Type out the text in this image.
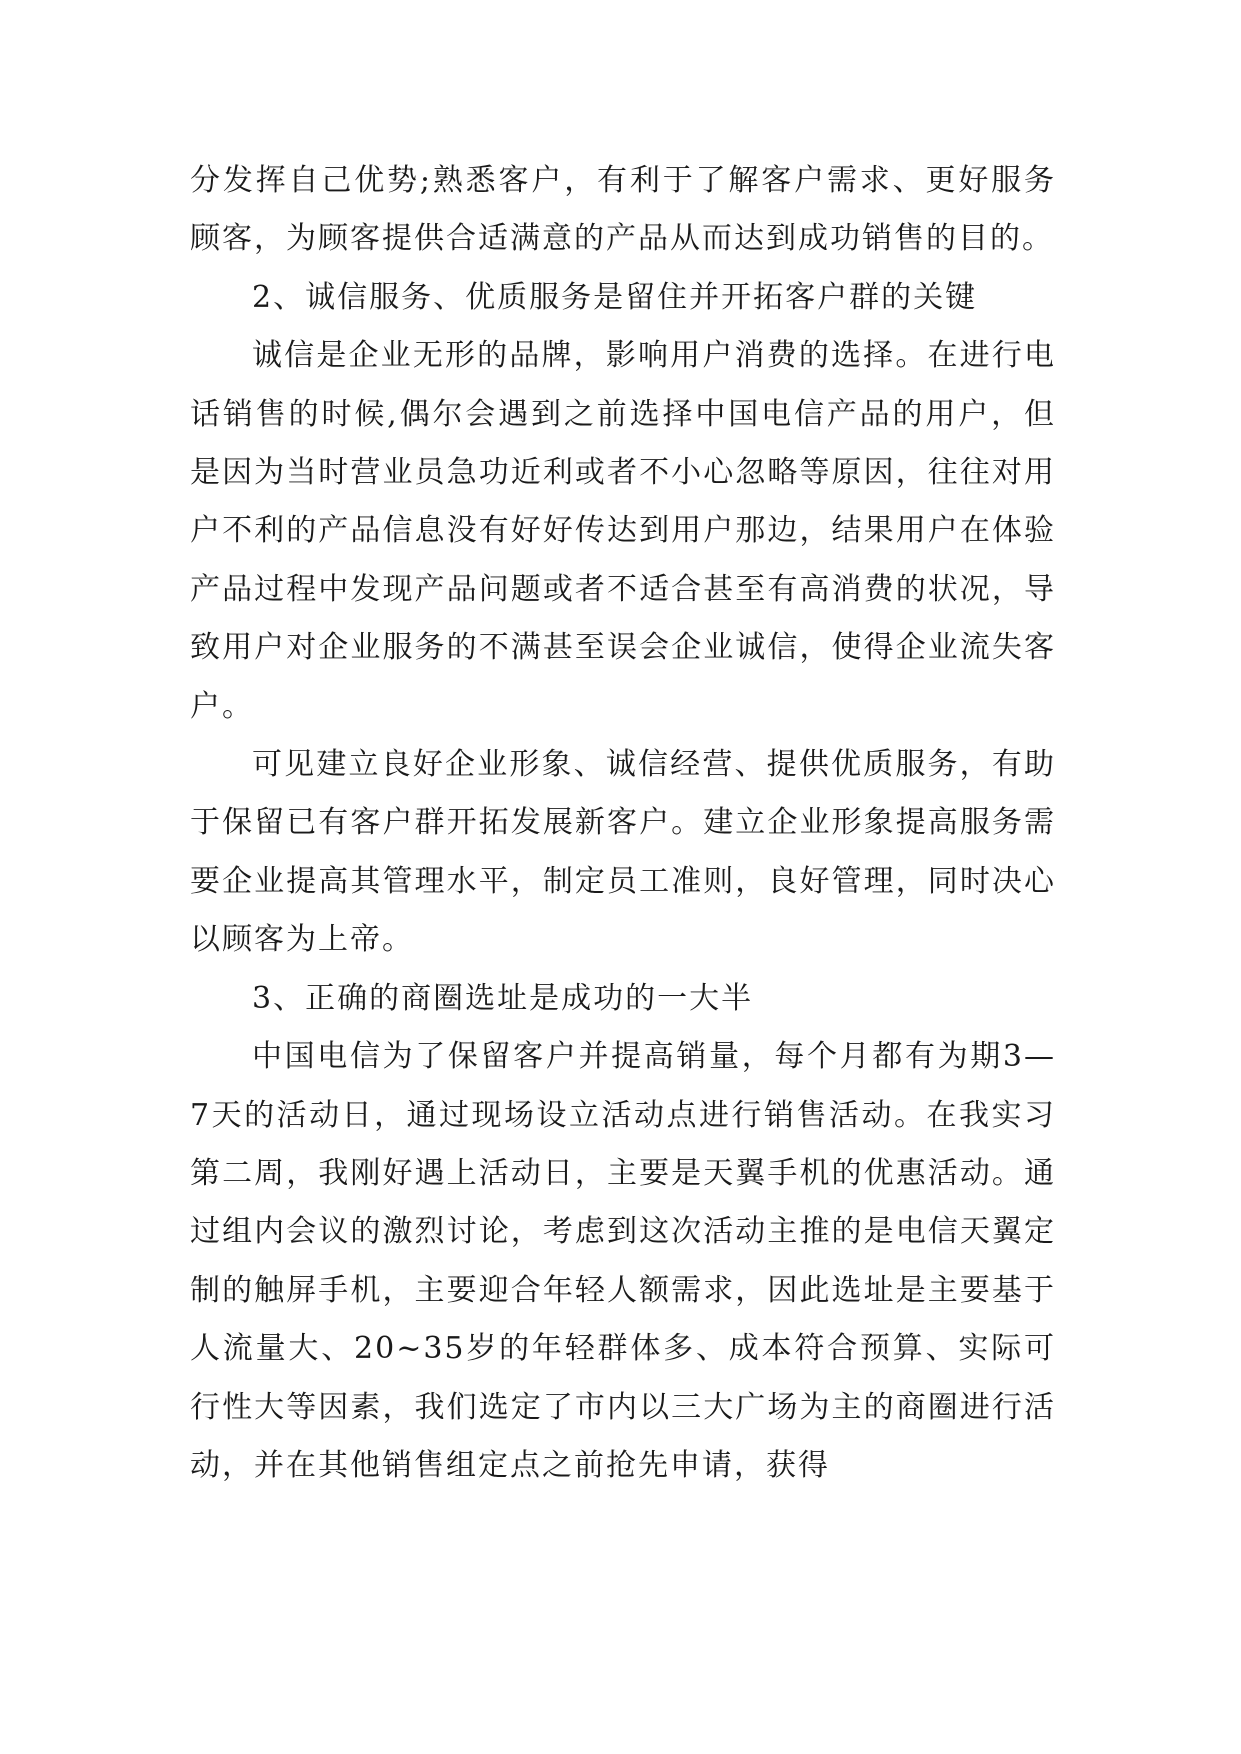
分发挥自己优势;熟悉客户，有利于了解客户需求、更好服务顾客，为顾客提供合适满意的产品从而达到成功销售的目的。

2、诚信服务、优质服务是留住并开拓客户群的关键

诚信是企业无形的品牌，影响用户消费的选择。在进行电话销售的时候,偶尔会遇到之前选择中国电信产品的用户，但是因为当时营业员急功近利或者不小心忽略等原因，往往对用户不利的产品信息没有好好传达到用户那边，结果用户在体验产品过程中发现产品问题或者不适合甚至有高消费的状况，导致用户对企业服务的不满甚至误会企业诚信，使得企业流失客户。

可见建立良好企业形象、诚信经营、提供优质服务，有助于保留已有客户群开拓发展新客户。建立企业形象提高服务需要企业提高其管理水平，制定员工准则，良好管理，同时决心以顾客为上帝。

3、正确的商圈选址是成功的一大半

中国电信为了保留客户并提高销量，每个月都有为期3—7天的活动日，通过现场设立活动点进行销售活动。在我实习第二周，我刚好遇上活动日，主要是天翼手机的优惠活动。通过组内会议的激烈讨论，考虑到这次活动主推的是电信天翼定制的触屏手机，主要迎合年轻人额需求，因此选址是主要基于人流量大、20~35岁的年轻群体多、成本符合预算、实际可行性大等因素，我们选定了市内以三大广场为主的商圈进行活动，并在其他销售组定点之前抢先申请，获得
